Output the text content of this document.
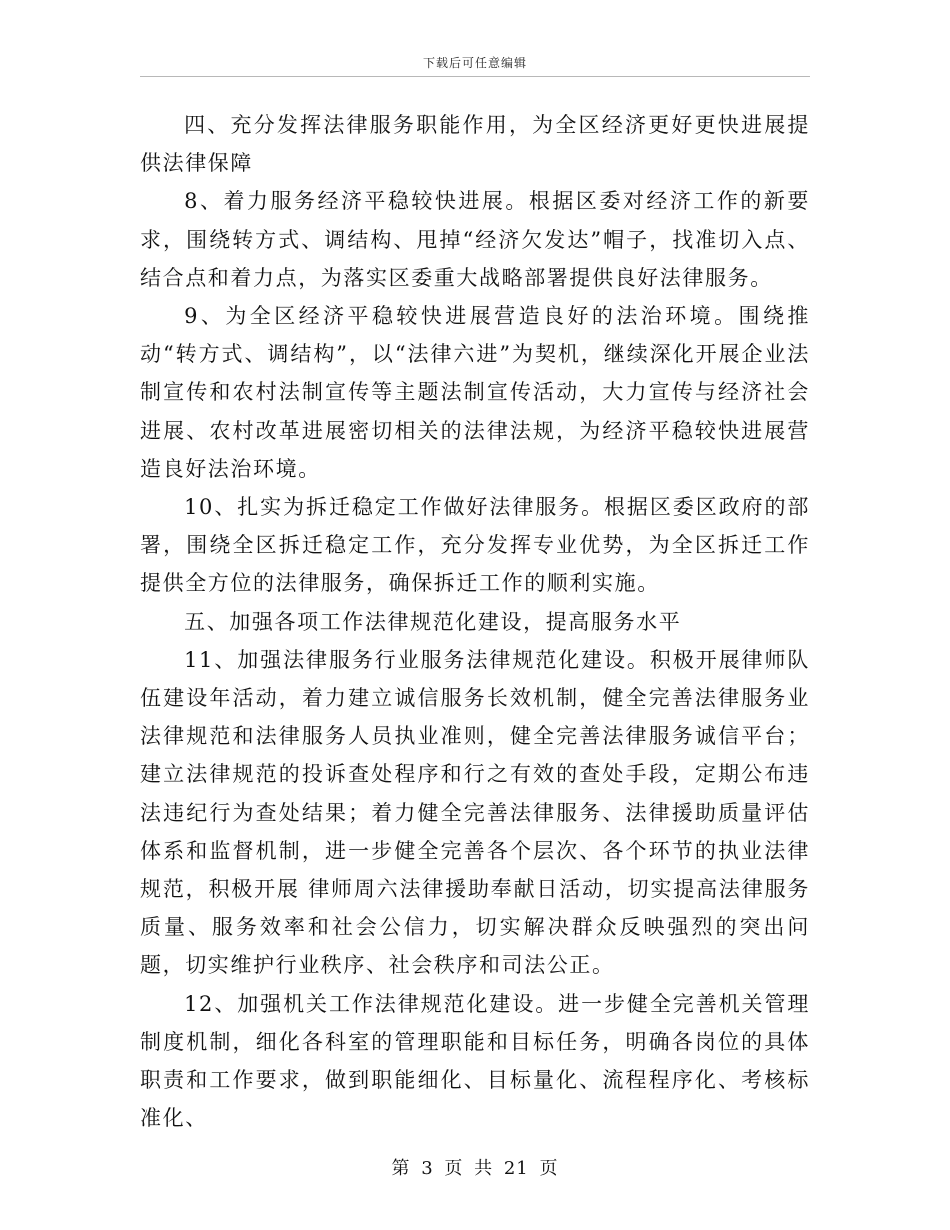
下载后可任意编辑

四、充分发挥法律服务职能作用，为全区经济更好更快进展提供法律保障

8、着力服务经济平稳较快进展。根据区委对经济工作的新要求，围绕转方式、调结构、甩掉“经济欠发达”帽子，找准切入点、结合点和着力点，为落实区委重大战略部署提供良好法律服务。

9、为全区经济平稳较快进展营造良好的法治环境。围绕推动“转方式、调结构”，以“法律六进”为契机，继续深化开展企业法制宣传和农村法制宣传等主题法制宣传活动，大力宣传与经济社会进展、农村改革进展密切相关的法律法规，为经济平稳较快进展营造良好法治环境。

10、扎实为拆迁稳定工作做好法律服务。根据区委区政府的部署，围绕全区拆迁稳定工作，充分发挥专业优势，为全区拆迁工作提供全方位的法律服务，确保拆迁工作的顺利实施。

五、加强各项工作法律规范化建设，提高服务水平

11、加强法律服务行业服务法律规范化建设。积极开展律师队伍建设年活动，着力建立诚信服务长效机制，健全完善法律服务业法律规范和法律服务人员执业准则，健全完善法律服务诚信平台；建立法律规范的投诉查处程序和行之有效的查处手段，定期公布违法违纪行为查处结果；着力健全完善法律服务、法律援助质量评估体系和监督机制，进一步健全完善各个层次、各个环节的执业法律规范，积极开展 律师周六法律援助奉献日活动，切实提高法律服务质量、服务效率和社会公信力，切实解决群众反映强烈的突出问题，切实维护行业秩序、社会秩序和司法公正。

12、加强机关工作法律规范化建设。进一步健全完善机关管理制度机制，细化各科室的管理职能和目标任务，明确各岗位的具体职责和工作要求，做到职能细化、目标量化、流程程序化、考核标准化、

第 3 页 共 21 页
